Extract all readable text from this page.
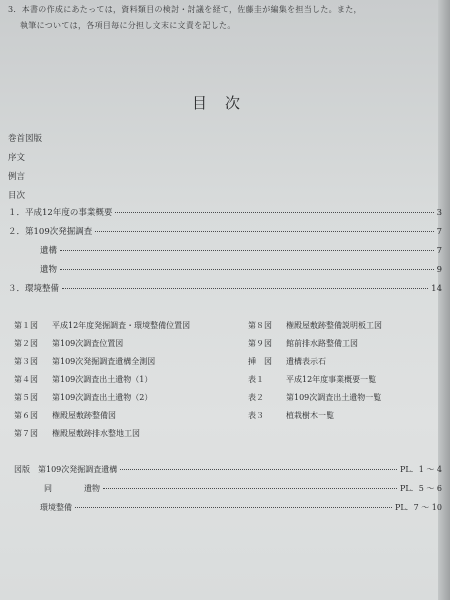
3．本書の作成にあたっては，資料類目の検討・討議を経て，佐藤圭が編集を担当した。また，
執筆については，各項目毎に分担し文末に文責を記した。
目次
巻首図版
序文
例言
目次
１．平成12年度の事業概要	3
２．第109次発掘調査	7
遺構	7
遺物	9
３．環境整備	14
第１図 平成12年度発掘調査・環境整備位置図
第２図 第109次調査位置図
第３図 第109次発掘調査遺構全測図
第４図 第109次調査出土遺物（1）
第５図 第109次調査出土遺物（2）
第６図 権殿屋敷跡整備図
第７図 権殿屋敷跡排水整地工図
第８図 権殿屋敷跡整備説明板工図
第９図 館前排水路整備工図
挿　図 遺構表示石
表１	平成12年度事業概要一覧
表２	第109次調査出土遺物一覧
表３	植栽樹木一覧
図版　第109次発掘調査遺構	PL．1 〜 4
同　　　　遺物	PL．5 〜 6
環境整備	PL．7 〜 10
